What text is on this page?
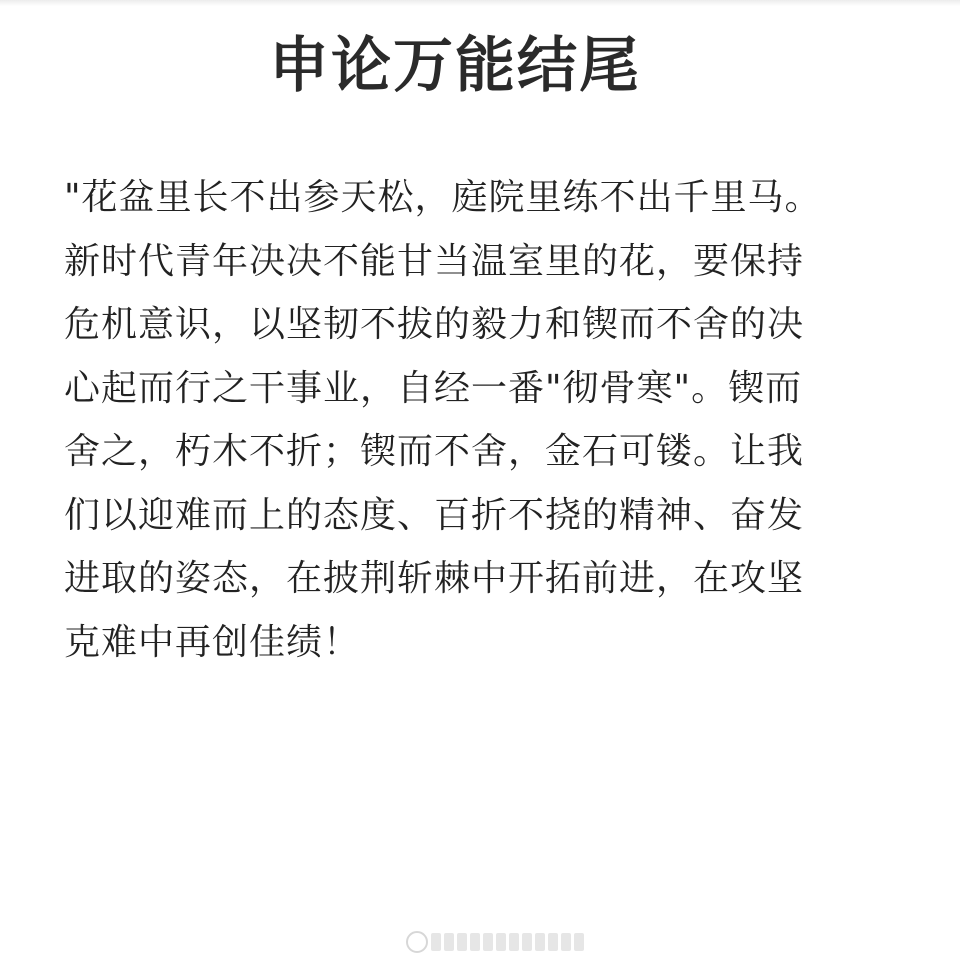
申论万能结尾
"花盆里长不出参天松，庭院里练不出千里马。
新时代青年决决不能甘当温室里的花，要保持
危机意识，以坚韧不拔的毅力和锲而不舍的决
心起而行之干事业，自经一番"彻骨寒"。锲而
舍之，朽木不折；锲而不舍，金石可镂。让我
们以迎难而上的态度、百折不挠的精神、奋发
进取的姿态，在披荆斩棘中开拓前进，在攻坚
克难中再创佳绩！
